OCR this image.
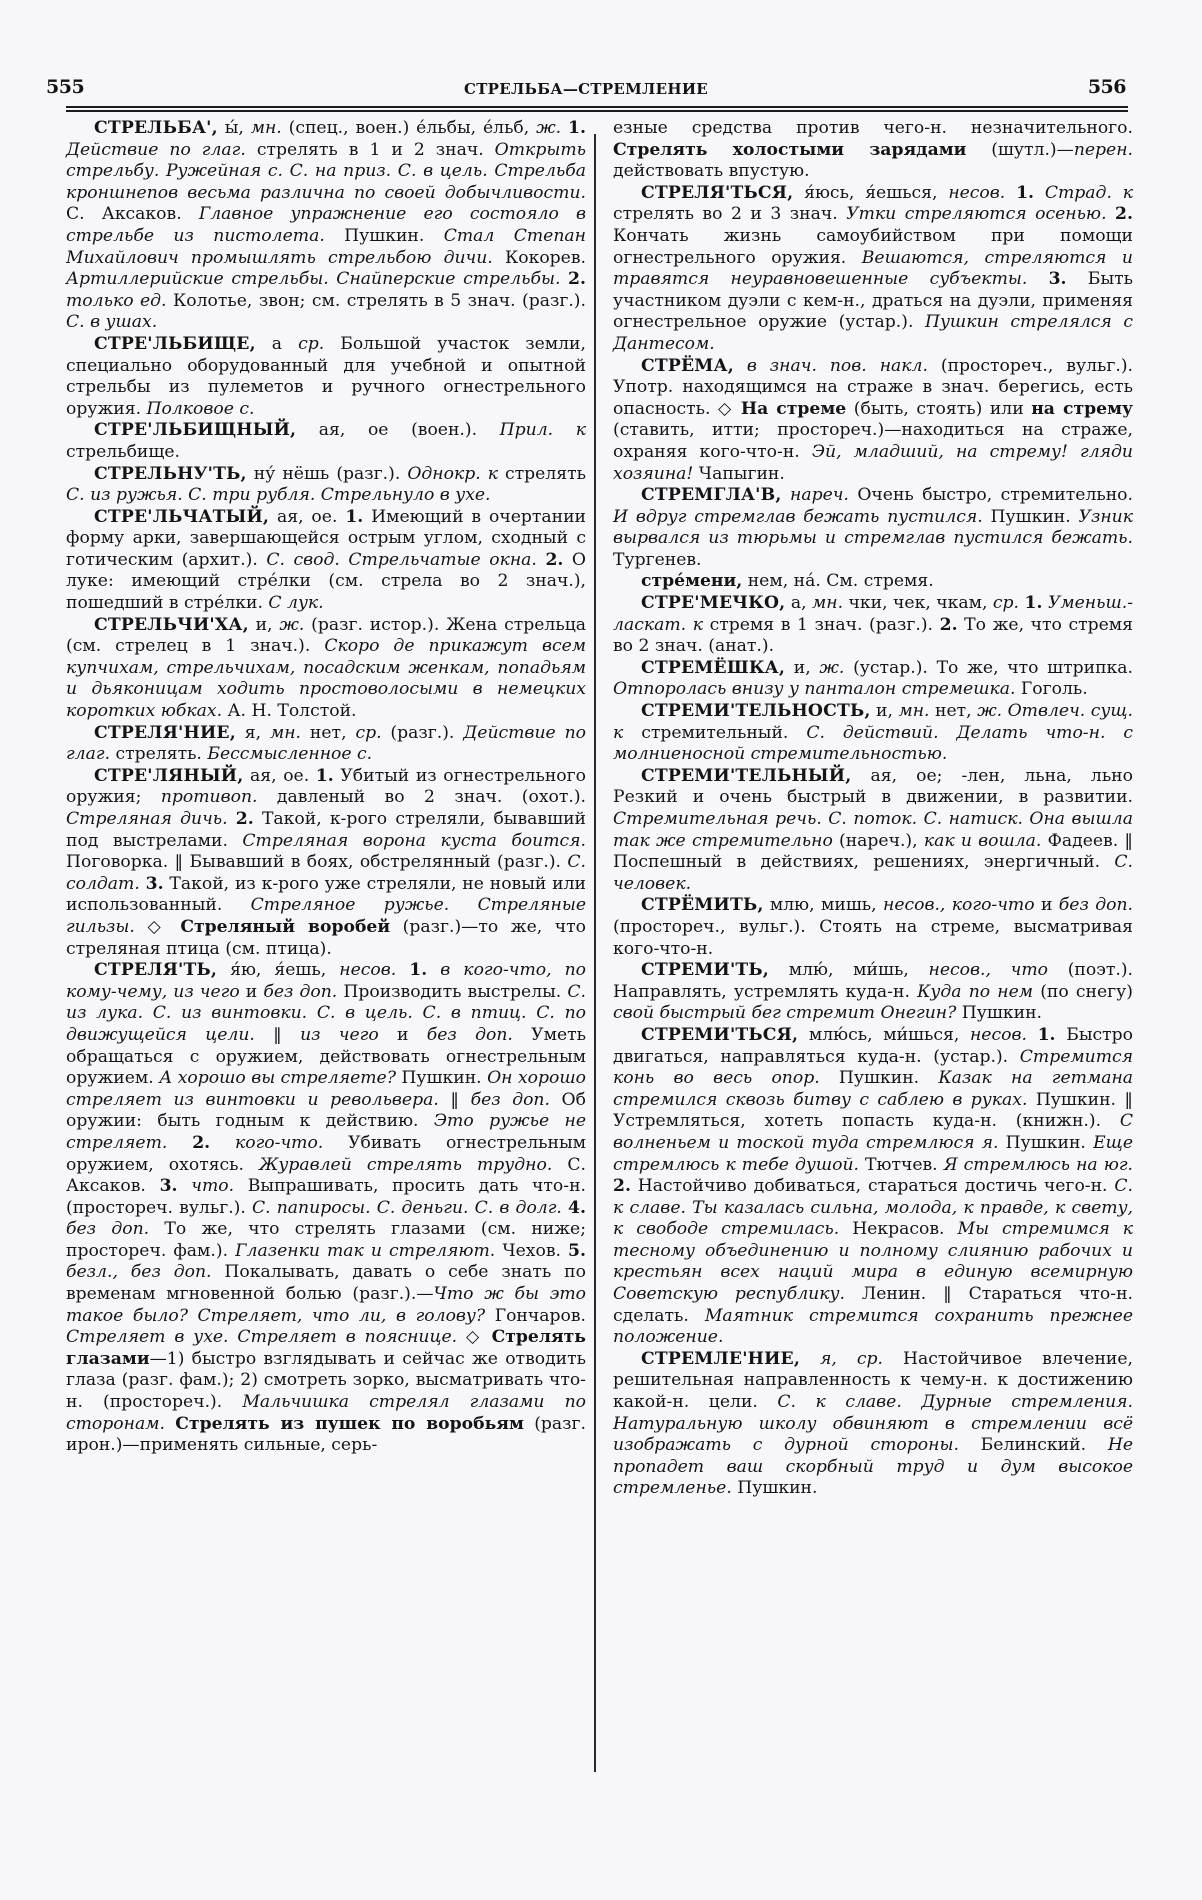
555	СТРЕЛЬБА—СТРЕМЛЕНИЕ	556

СТРЕЛЬБА', ы́, мн. (спец., воен.) е́льбы, е́льб, ж. 1. Действие по глаг. стрелять в 1 и 2 знач. Открыть стрельбу. Ружейная с. С. на приз. С. в цель. Стрельба кроншнепов весьма различна по своей добычливости. С. Аксаков. Главное упражнение его состояло в стрельбе из пистолета. Пушкин. Стал Степан Михайлович промышлять стрельбою дичи. Кокорев. Артиллерийские стрельбы. Снайперские стрельбы. 2. только ед. Колотье, звон; см. стрелять в 5 знач. (разг.). С. в ушах.

СТРЕ'ЛЬБИЩЕ, а ср. Большой участок земли, специально оборудованный для учебной и опытной стрельбы из пулеметов и ручного огнестрельного оружия. Полковое с.

СТРЕ'ЛЬБИЩНЫЙ, ая, ое (воен.). Прил. к стрельбище.

СТРЕЛЬНУ'ТЬ, ну́ нёшь (разг.). Однокр. к стрелять С. из ружья. С. три рубля. Стрельнуло в ухе.

СТРЕ'ЛЬЧАТЫЙ, ая, ое. 1. Имеющий в очертании форму арки, завершающейся острым углом, сходный с готическим (архит.). С. свод. Стрельчатые окна. 2. О луке: имеющий стре́лки (см. стрела во 2 знач.), пошедший в стре́лки. С лук.

СТРЕЛЬЧИ'ХА, и, ж. (разг. истор.). Жена стрельца (см. стрелец в 1 знач.). Скоро де прикажут всем купчихам, стрельчихам, посадским женкам, попадьям и дьяконицам ходить простоволосыми в немецких коротких юбках. А. Н. Толстой.

СТРЕЛЯ'НИЕ, я, мн. нет, ср. (разг.). Действие по глаг. стрелять. Бессмысленное с.

СТРЕ'ЛЯНЫЙ, ая, ое. 1. Убитый из огнестрельного оружия; противоп. давленый во 2 знач. (охот.). Стреляная дичь. 2. Такой, к-рого стреляли, бывавший под выстрелами. Стреляная ворона куста боится. Поговорка. ‖ Бывавший в боях, обстрелянный (разг.). С. солдат. 3. Такой, из к-рого уже стреляли, не новый или использованный. Стреляное ружье. Стреляные гильзы. ◇ Стреляный воробей (разг.)—то же, что стреляная птица (см. птица).

СТРЕЛЯ'ТЬ, я́ю, я́ешь, несов. 1. в кого-что, по кому-чему, из чего и без доп. Производить выстрелы. С. из лука. С. из винтовки. С. в цель. С. в птиц. С. по движущейся цели. ‖ из чего и без доп. Уметь обращаться с оружием, действовать огнестрельным оружием. А хорошо вы стреляете? Пушкин. Он хорошо стреляет из винтовки и револьвера. ‖ без доп. Об оружии: быть годным к действию. Это ружье не стреляет. 2. кого-что. Убивать огнестрельным оружием, охотясь. Журавлей стрелять трудно. С. Аксаков. 3. что. Выпрашивать, просить дать что-н. (простореч. вульг.). С. папиросы. С. деньги. С. в долг. 4. без доп. То же, что стрелять глазами (см. ниже; простореч. фам.). Глазенки так и стреляют. Чехов. 5. безл., без доп. Покалывать, давать о себе знать по временам мгновенной болью (разг.).—Что ж бы это такое было? Стреляет, что ли, в голову? Гончаров. Стреляет в ухе. Стреляет в пояснице. ◇ Стрелять глазами—1) быстро взглядывать и сейчас же отводить глаза (разг. фам.); 2) смотреть зорко, высматривать что-н. (простореч.). Мальчишка стрелял глазами по сторонам. Стрелять из пушек по воробьям (разг. ирон.)—применять сильные, серь-

езные средства против чего-н. незначительного. Стрелять холостыми зарядами (шутл.)—перен. действовать впустую.

СТРЕЛЯ'ТЬСЯ, я́юсь, я́ешься, несов. 1. Страд. к стрелять во 2 и 3 знач. Утки стреляются осенью. 2. Кончать жизнь самоубийством при помощи огнестрельного оружия. Вешаются, стреляются и травятся неуравновешенные субъекты. 3. Быть участником дуэли с кем-н., драться на дуэли, применяя огнестрельное оружие (устар.). Пушкин стрелялся с Дантесом.

СТРЁМА, в знач. пов. накл. (простореч., вульг.). Употр. находящимся на страже в знач. берегись, есть опасность. ◇ На стреме (быть, стоять) или на стрему (ставить, итти; простореч.)—находиться на страже, охраняя кого-что-н. Эй, младший, на стрему! гляди хозяина! Чапыгин.

СТРЕМГЛА'В, нареч. Очень быстро, стремительно. И вдруг стремглав бежать пустился. Пушкин. Узник вырвался из тюрьмы и стремглав пустился бежать. Тургенев.

стре́мени, нем, на́. См. стремя.

СТРЕ'МЕЧКО, а, мн. чки, чек, чкам, ср. 1. Уменьш.-ласкат. к стремя в 1 знач. (разг.). 2. То же, что стремя во 2 знач. (анат.).

СТРЕМЁШКА, и, ж. (устар.). То же, что штрипка. Отпоролась внизу у панталон стремешка. Гоголь.

СТРЕМИ'ТЕЛЬНОСТЬ, и, мн. нет, ж. Отвлеч. сущ. к стремительный. С. действий. Делать что-н. с молниеносной стремительностью.

СТРЕМИ'ТЕЛЬНЫЙ, ая, ое; -лен, льна, льно Резкий и очень быстрый в движении, в развитии. Стремительная речь. С. поток. С. натиск. Она вышла так же стремительно (нареч.), как и вошла. Фадеев. ‖ Поспешный в действиях, решениях, энергичный. С. человек.

СТРЁМИТЬ, млю, мишь, несов., кого-что и без доп. (простореч., вульг.). Стоять на стреме, высматривая кого-что-н.

СТРЕМИ'ТЬ, млю́, ми́шь, несов., что (поэт.). Направлять, устремлять куда-н. Куда по нем (по снегу) свой быстрый бег стремит Онегин? Пушкин.

СТРЕМИ'ТЬСЯ, млю́сь, ми́шься, несов. 1. Быстро двигаться, направляться куда-н. (устар.). Стремится конь во весь опор. Пушкин. Казак на гетмана стремился сквозь битву с саблею в руках. Пушкин. ‖ Устремляться, хотеть попасть куда-н. (книжн.). С волненьем и тоской туда стремлюся я. Пушкин. Еще стремлюсь к тебе душой. Тютчев. Я стремлюсь на юг. 2. Настойчиво добиваться, стараться достичь чего-н. С. к славе. Ты казалась сильна, молода, к правде, к свету, к свободе стремилась. Некрасов. Мы стремимся к тесному объединению и полному слиянию рабочих и крестьян всех наций мира в единую всемирную Советскую республику. Ленин. ‖ Стараться что-н. сделать. Маятник стремится сохранить прежнее положение.

СТРЕМЛЕ'НИЕ, я, ср. Настойчивое влечение, решительная направленность к чему-н. к достижению какой-н. цели. С. к славе. Дурные стремления. Натуральную школу обвиняют в стремлении всё изображать с дурной стороны. Белинский. Не пропадет ваш скорбный труд и дум высокое стремленье. Пушкин.
